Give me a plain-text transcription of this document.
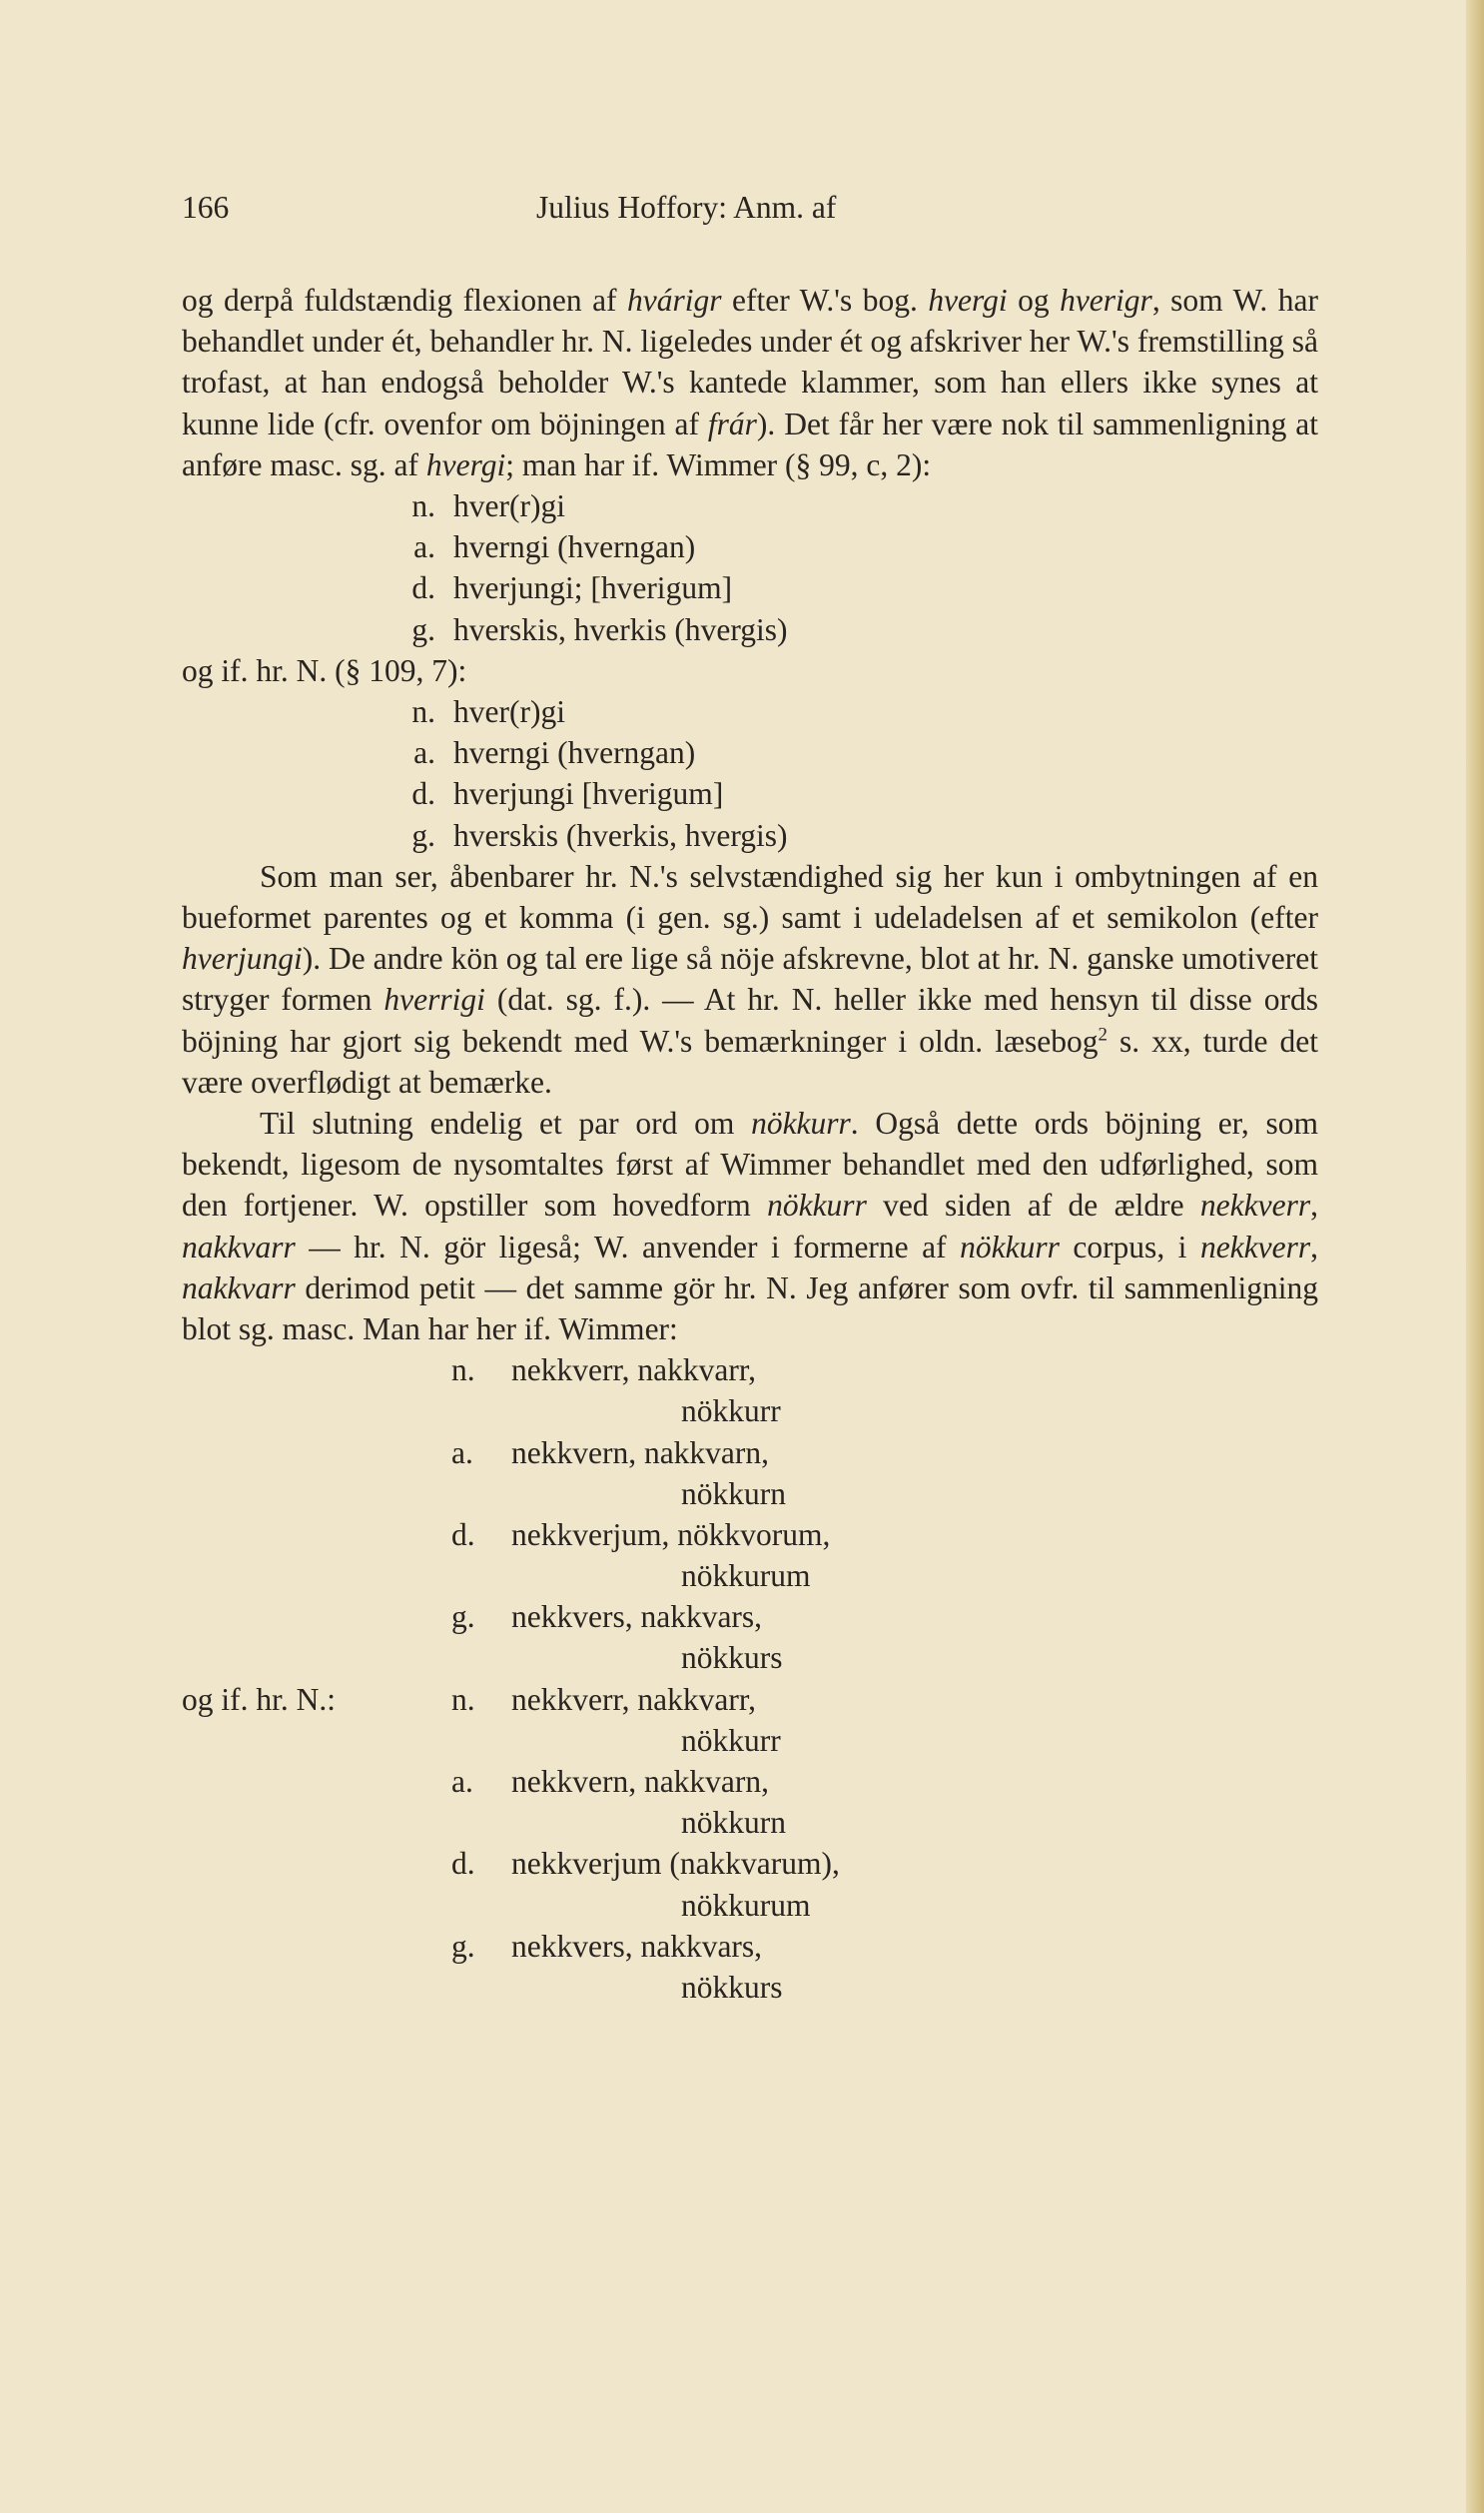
166	Julius Hoffory: Anm. af

og derpå fuldstændig flexionen af hvárigr efter W.'s bog. hvergi og hverigr, som W. har behandlet under ét, behandler hr. N. ligeledes under ét og afskriver her W.'s fremstilling så trofast, at han endogså beholder W.'s kantede klammer, som han ellers ikke synes at kunne lide (cfr. ovenfor om böjningen af frár). Det får her være nok til sammenligning at anføre masc. sg. af hvergi; man har if. Wimmer (§ 99, c, 2):

n. hver(r)gi
a. hverngi (hverngan)
d. hverjungi; [hverigum]
g. hverskis, hverkis (hvergis)
og if. hr. N. (§ 109, 7):
n. hver(r)gi
a. hverngi (hverngan)
d. hverjungi [hverigum]
g. hverskis (hverkis, hvergis)

Som man ser, åbenbarer hr. N.'s selvstændighed sig her kun i ombytningen af en bueformet parentes og et komma (i gen. sg.) samt i udeladelsen af et semikolon (efter hverjungi). De andre kön og tal ere lige så nöje afskrevne, blot at hr. N. ganske umotiveret stryger formen hverrigi (dat. sg. f.). — At hr. N. heller ikke med hensyn til disse ords böjning har gjort sig bekendt med W.'s bemærkninger i oldn. læsebog$^2$ s. xx, turde det være overflødigt at bemærke.

Til slutning endelig et par ord om nökkurr. Også dette ords böjning er, som bekendt, ligesom de nysomtaltes først af Wimmer behandlet med den udførlighed, som den fortjener. W. opstiller som hovedform nökkurr ved siden af de ældre nekkverr, nakkvarr — hr. N. gör ligeså; W. anvender i formerne af nökkurr corpus, i nekkverr, nakkvarr derimod petit — det samme gör hr. N. Jeg anfører som ovfr. til sammenligning blot sg. masc. Man har her if. Wimmer:

n.	nekkverr, nakkvarr,
nökkurr
a.	nekkvern, nakkvarn,
nökkurn
d.	nekkverjum, nökkvorum,
nökkurum
g.	nekkvers, nakkvars,
nökkurs
og if. hr. N.:	n.	nekkverr, nakkvarr,
nökkurr
a.	nekkvern, nakkvarn,
nökkurn
d.	nekkverjum (nakkvarum),
nökkurum
g.	nekkvers, nakkvars,
nökkurs
